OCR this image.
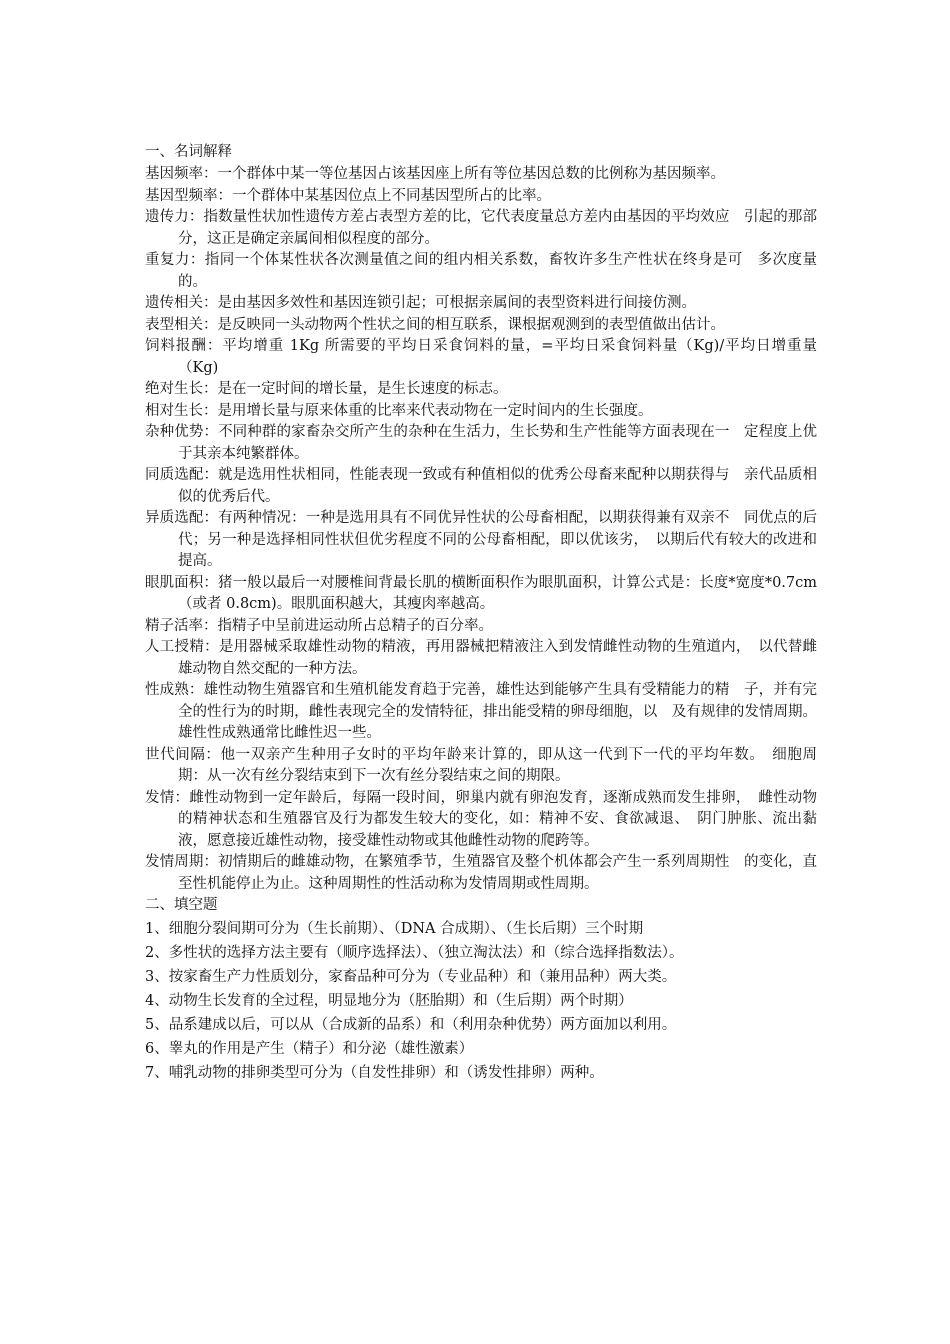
一、名词解释

基因频率：一个群体中某一等位基因占该基因座上所有等位基因总数的比例称为基因频率。

基因型频率：一个群体中某基因位点上不同基因型所占的比率。

遗传力：指数量性状加性遗传方差占表型方差的比，它代表度量总方差内由基因的平均效应　引起的那部分，这正是确定亲属间相似程度的部分。

重复力：指同一个体某性状各次测量值之间的组内相关系数，畜牧许多生产性状在终身是可　多次度量的。

遗传相关：是由基因多效性和基因连锁引起；可根据亲属间的表型资料进行间接仿测。

表型相关：是反映同一头动物两个性状之间的相互联系，课根据观测到的表型值做出估计。

饲料报酬：平均增重 1Kg 所需要的平均日采食饲料的量，=平均日采食饲料量（Kg)/平均日增重量（Kg)

绝对生长：是在一定时间的增长量，是生长速度的标志。

相对生长：是用增长量与原来体重的比率来代表动物在一定时间内的生长强度。

杂种优势：不同种群的家畜杂交所产生的杂种在生活力，生长势和生产性能等方面表现在一　定程度上优于其亲本纯繁群体。

同质选配：就是选用性状相同，性能表现一致或有种值相似的优秀公母畜来配种以期获得与　亲代品质相似的优秀后代。

异质选配：有两种情况：一种是选用具有不同优异性状的公母畜相配，以期获得兼有双亲不　同优点的后代；另一种是选择相同性状但优劣程度不同的公母畜相配，即以优该劣，　以期后代有较大的改进和提高。

眼肌面积：猪一般以最后一对腰椎间背最长肌的横断面积作为眼肌面积，计算公式是：长度*宽度*0.7cm（或者 0.8cm)。眼肌面积越大，其瘦肉率越高。

精子活率：指精子中呈前进运动所占总精子的百分率。

人工授精：是用器械采取雄性动物的精液，再用器械把精液注入到发情雌性动物的生殖道内，　以代替雌雄动物自然交配的一种方法。

性成熟：雄性动物生殖器官和生殖机能发育趋于完善，雄性达到能够产生具有受精能力的精　子，并有完全的性行为的时期，雌性表现完全的发情特征，排出能受精的卵母细胞，以　及有规律的发情周期。雄性性成熟通常比雌性迟一些。

世代间隔：他一双亲产生种用子女时的平均年龄来计算的，即从这一代到下一代的平均年数。　细胞周期：从一次有丝分裂结束到下一次有丝分裂结束之间的期限。

发情：雌性动物到一定年龄后，每隔一段时间，卵巢内就有卵泡发育，逐渐成熟而发生排卵，　雌性动物的精神状态和生殖器官及行为都发生较大的变化，如：精神不安、食欲减退、　阴门肿胀、流出黏液，愿意接近雄性动物，接受雄性动物或其他雌性动物的爬跨等。

发情周期：初情期后的雌雄动物，在繁殖季节，生殖器官及整个机体都会产生一系列周期性　的变化，直至性机能停止为止。这种周期性的性活动称为发情周期或性周期。

二、填空题

1、细胞分裂间期可分为（生长前期）、（DNA 合成期）、（生长后期）三个时期

2、多性状的选择方法主要有（顺序选择法）、（独立淘汰法）和（综合选择指数法）。

3、按家畜生产力性质划分，家畜品种可分为（专业品种）和（兼用品种）两大类。

4、动物生长发育的全过程，明显地分为（胚胎期）和（生后期）两个时期）

5、品系建成以后，可以从（合成新的品系）和（利用杂种优势）两方面加以利用。

6、睾丸的作用是产生（精子）和分泌（雄性激素）

7、哺乳动物的排卵类型可分为（自发性排卵）和（诱发性排卵）两种。
